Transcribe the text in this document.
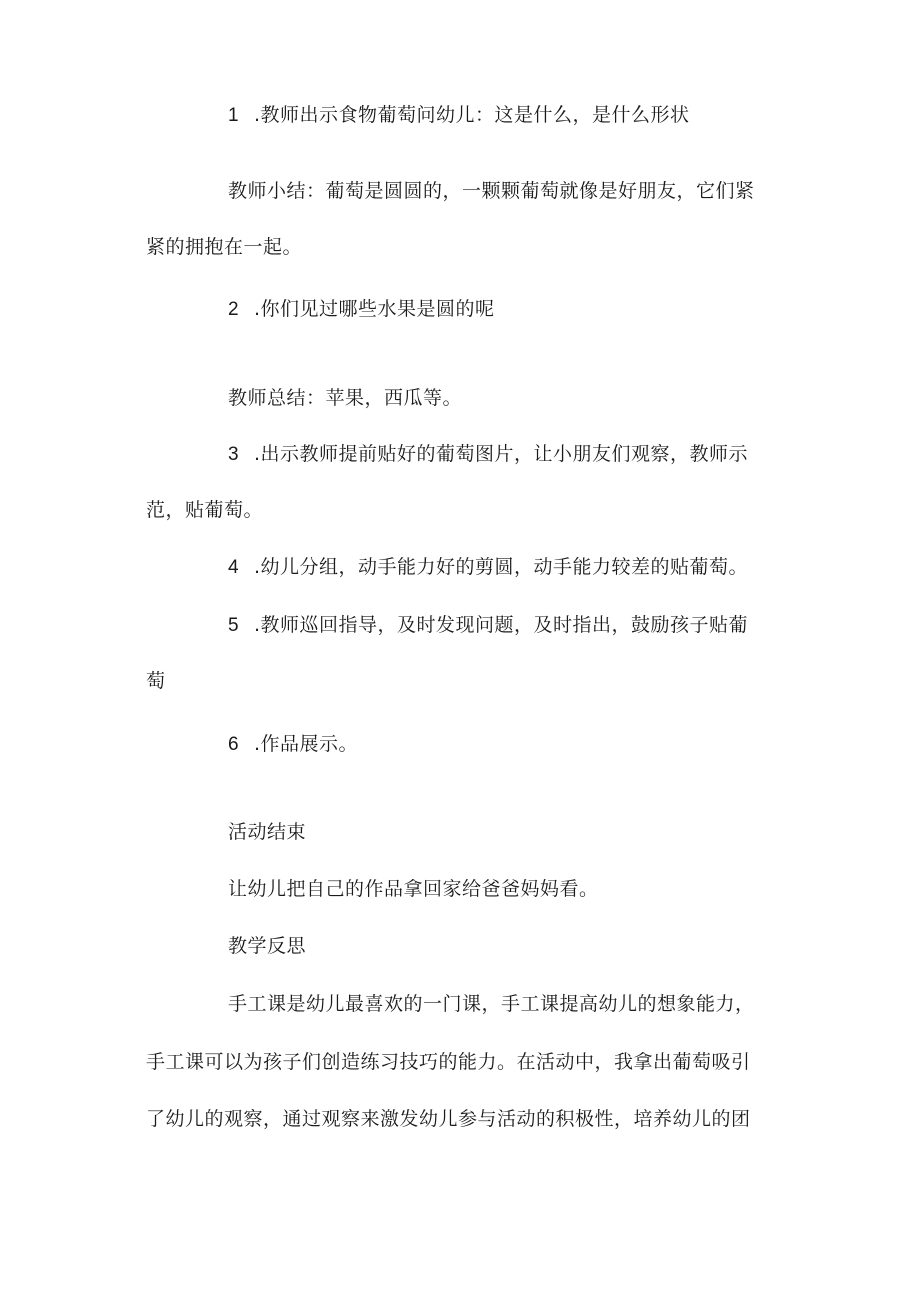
1 .教师出示食物葡萄问幼儿：这是什么，是什么形状
教师小结：葡萄是圆圆的，一颗颗葡萄就像是好朋友，它们紧
紧的拥抱在一起。
2 .你们见过哪些水果是圆的呢
教师总结：苹果，西瓜等。
3 .出示教师提前贴好的葡萄图片，让小朋友们观察，教师示
范，贴葡萄。
4 .幼儿分组，动手能力好的剪圆，动手能力较差的贴葡萄。
5 .教师巡回指导，及时发现问题，及时指出，鼓励孩子贴葡
萄
6 .作品展示。
活动结束
让幼儿把自己的作品拿回家给爸爸妈妈看。
教学反思
手工课是幼儿最喜欢的一门课，手工课提高幼儿的想象能力，
手工课可以为孩子们创造练习技巧的能力。在活动中，我拿出葡萄吸引
了幼儿的观察，通过观察来激发幼儿参与活动的积极性，培养幼儿的团
